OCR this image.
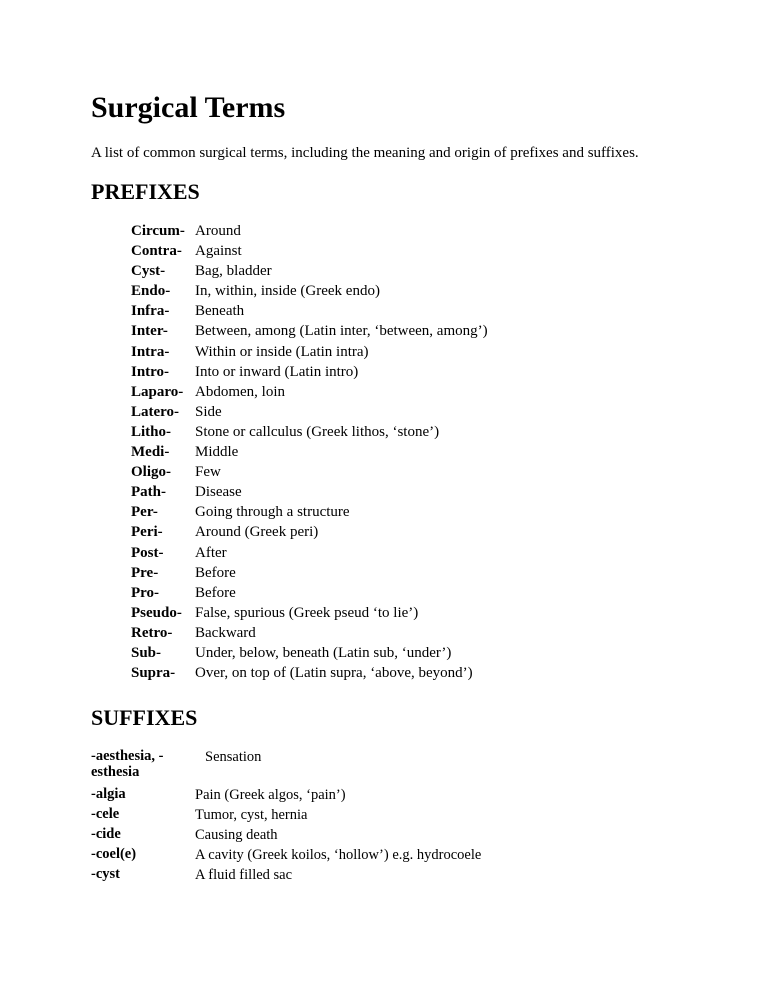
Surgical Terms

A list of common surgical terms, including the meaning and origin of prefixes and suffixes.

PREFIXES
Circum-	Around
Contra-	Against
Cyst-	Bag, bladder
Endo-	In, within, inside (Greek endo)
Infra-	Beneath
Inter-	Between, among (Latin inter, ‘between, among’)
Intra-	Within or inside (Latin intra)
Intro-	Into or inward (Latin intro)
Laparo-	Abdomen, loin
Latero-	Side
Litho-	Stone or callculus (Greek lithos, ‘stone’)
Medi-	Middle
Oligo-	Few
Path-	Disease
Per-	Going through a structure
Peri-	Around (Greek peri)
Post-	After
Pre-	Before
Pro-	Before
Pseudo-	False, spurious (Greek pseud ‘to lie’)
Retro-	Backward
Sub-	Under, below, beneath (Latin sub, ‘under’)
Supra-	Over, on top of (Latin supra, ‘above, beyond’)
SUFFIXES
-aesthesia, -esthesia	Sensation
-algia	Pain (Greek algos, ‘pain’)
-cele	Tumor, cyst, hernia
-cide	Causing death
-coel(e)	A cavity (Greek koilos, ‘hollow’) e.g. hydrocoele
-cyst	A fluid filled sac
